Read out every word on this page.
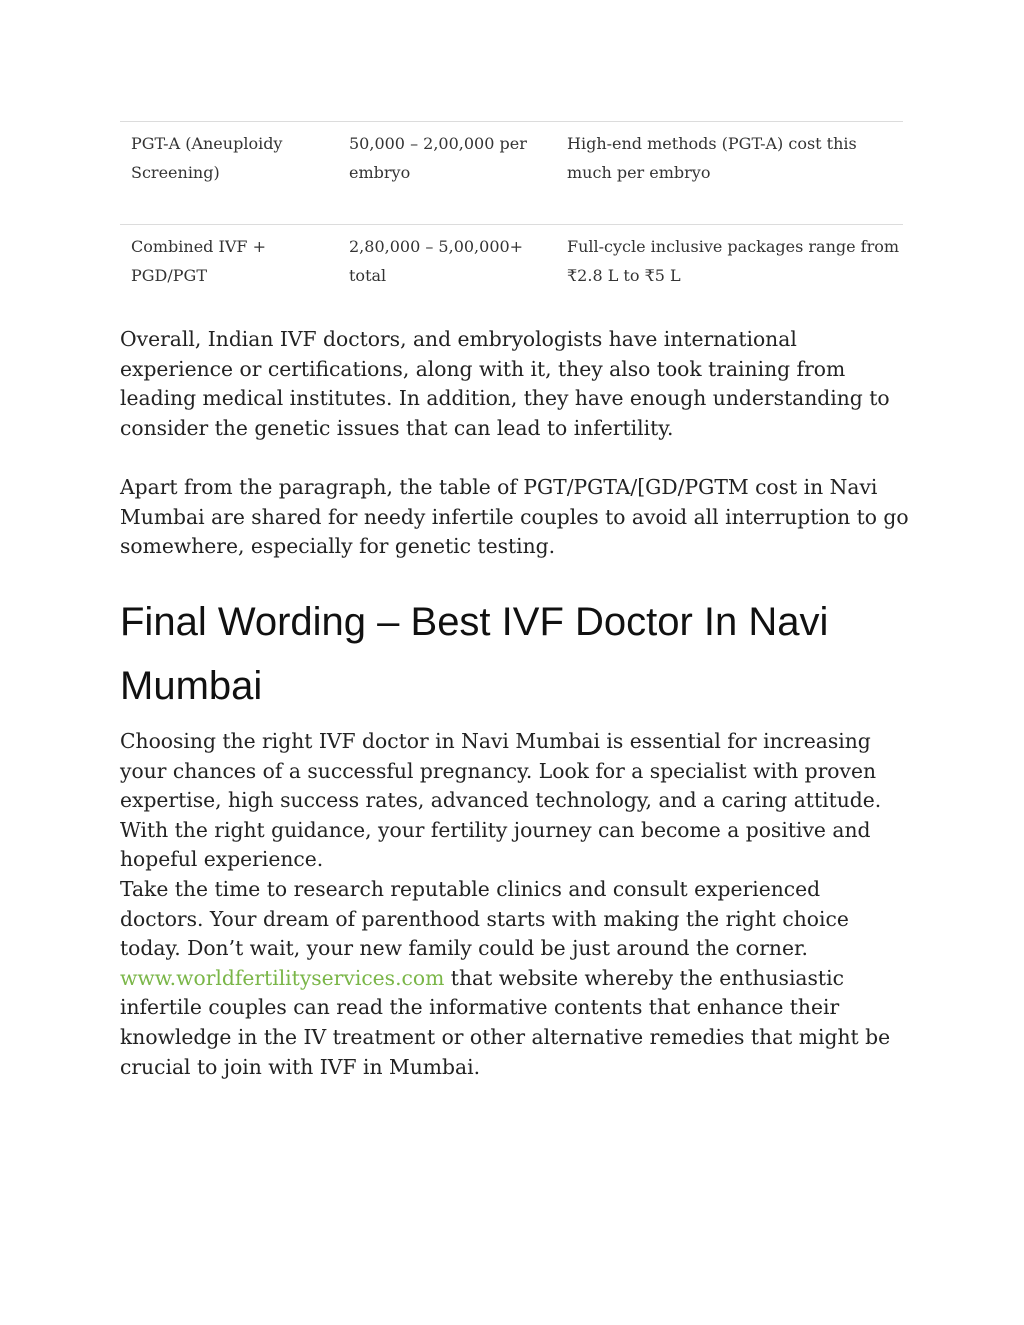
PGT-A (Aneuploidy Screening)
50,000 – 2,00,000 per embryo
High-end methods (PGT-A) cost this much per embryo
Combined IVF + PGD/PGT
2,80,000 – 5,00,000+ total
Full-cycle inclusive packages range from ₹2.8 L to ₹5 L

Overall, Indian IVF doctors, and embryologists have international experience or certifications, along with it, they also took training from leading medical institutes. In addition, they have enough understanding to consider the genetic issues that can lead to infertility.

Apart from the paragraph, the table of PGT/PGTA/[GD/PGTM cost in Navi Mumbai are shared for needy infertile couples to avoid all interruption to go somewhere, especially for genetic testing.

Final Wording – Best IVF Doctor In Navi Mumbai

Choosing the right IVF doctor in Navi Mumbai is essential for increasing your chances of a successful pregnancy. Look for a specialist with proven expertise, high success rates, advanced technology, and a caring attitude. With the right guidance, your fertility journey can become a positive and hopeful experience.

Take the time to research reputable clinics and consult experienced doctors. Your dream of parenthood starts with making the right choice today. Don’t wait, your new family could be just around the corner.
www.worldfertilityservices.com that website whereby the enthusiastic infertile couples can read the informative contents that enhance their knowledge in the IV treatment or other alternative remedies that might be crucial to join with IVF in Mumbai.
